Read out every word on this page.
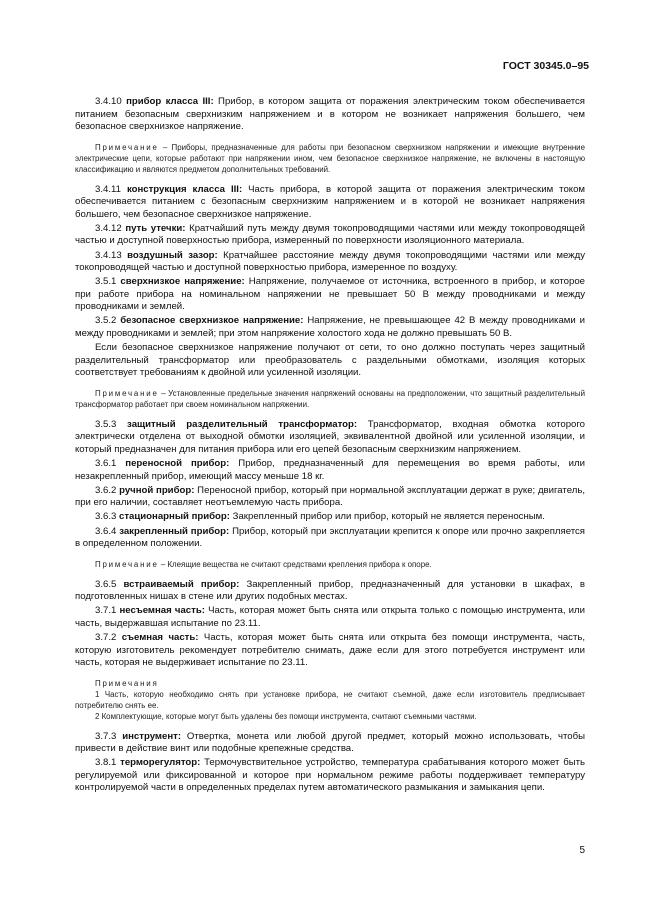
ГОСТ 30345.0–95

3.4.10 прибор класса III: Прибор, в котором защита от поражения электрическим током обеспечивается питанием безопасным сверхнизким напряжением и в котором не возникает напряжения большего, чем безопасное сверхнизкое напряжение.

Примечание – Приборы, предназначенные для работы при безопасном сверхнизком напряжении и имеющие внутренние электрические цепи, которые работают при напряжении ином, чем безопасное сверхнизкое напряжение, не включены в настоящую классификацию и являются предметом дополнительных требований.

3.4.11 конструкция класса III: Часть прибора, в которой защита от поражения электрическим током обеспечивается питанием с безопасным сверхнизким напряжением и в которой не возникает напряжения большего, чем безопасное сверхнизкое напряжение.

3.4.12 путь утечки: Кратчайший путь между двумя токопроводящими частями или между токопроводящей частью и доступной поверхностью прибора, измеренный по поверхности изоляционного материала.

3.4.13 воздушный зазор: Кратчайшее расстояние между двумя токопроводящими частями или между токопроводящей частью и доступной поверхностью прибора, измеренное по воздуху.

3.5.1 сверхнизкое напряжение: Напряжение, получаемое от источника, встроенного в прибор, и которое при работе прибора на номинальном напряжении не превышает 50 В между проводниками и между проводниками и землей.

3.5.2 безопасное сверхнизкое напряжение: Напряжение, не превышающее 42 В между проводниками и между проводниками и землей; при этом напряжение холостого хода не должно превышать 50 В.

Если безопасное сверхнизкое напряжение получают от сети, то оно должно поступать через защитный разделительный трансформатор или преобразователь с раздельными обмотками, изоляция которых соответствует требованиям к двойной или усиленной изоляции.

Примечание – Установленные предельные значения напряжений основаны на предположении, что защитный разделительный трансформатор работает при своем номинальном напряжении.

3.5.3 защитный разделительный трансформатор: Трансформатор, входная обмотка которого электрически отделена от выходной обмотки изоляцией, эквивалентной двойной или усиленной изоляции, и который предназначен для питания прибора или его цепей безопасным сверхнизким напряжением.

3.6.1 переносной прибор: Прибор, предназначенный для перемещения во время работы, или незакрепленный прибор, имеющий массу меньше 18 кг.

3.6.2 ручной прибор: Переносной прибор, который при нормальной эксплуатации держат в руке; двигатель, при его наличии, составляет неотъемлемую часть прибора.

3.6.3 стационарный прибор: Закрепленный прибор или прибор, который не является переносным.

3.6.4 закрепленный прибор: Прибор, который при эксплуатации крепится к опоре или прочно закрепляется в определенном положении.

Примечание – Клеящие вещества не считают средствами крепления прибора к опоре.

3.6.5 встраиваемый прибор: Закрепленный прибор, предназначенный для установки в шкафах, в подготовленных нишах в стене или других подобных местах.

3.7.1 несъемная часть: Часть, которая может быть снята или открыта только с помощью инструмента, или часть, выдержавшая испытание по 23.11.

3.7.2 съемная часть: Часть, которая может быть снята или открыта без помощи инструмента, часть, которую изготовитель рекомендует потребителю снимать, даже если для этого потребуется инструмент или часть, которая не выдерживает испытание по 23.11.

Примечания

1 Часть, которую необходимо снять при установке прибора, не считают съемной, даже если изготовитель предписывает потребителю снять ее.

2 Комплектующие, которые могут быть удалены без помощи инструмента, считают съемными частями.

3.7.3 инструмент: Отвертка, монета или любой другой предмет, который можно использовать, чтобы привести в действие винт или подобные крепежные средства.

3.8.1 терморегулятор: Термочувствительное устройство, температура срабатывания которого может быть регулируемой или фиксированной и которое при нормальном режиме работы поддерживает температуру контролируемой части в определенных пределах путем автоматического размыкания и замыкания цепи.

5
